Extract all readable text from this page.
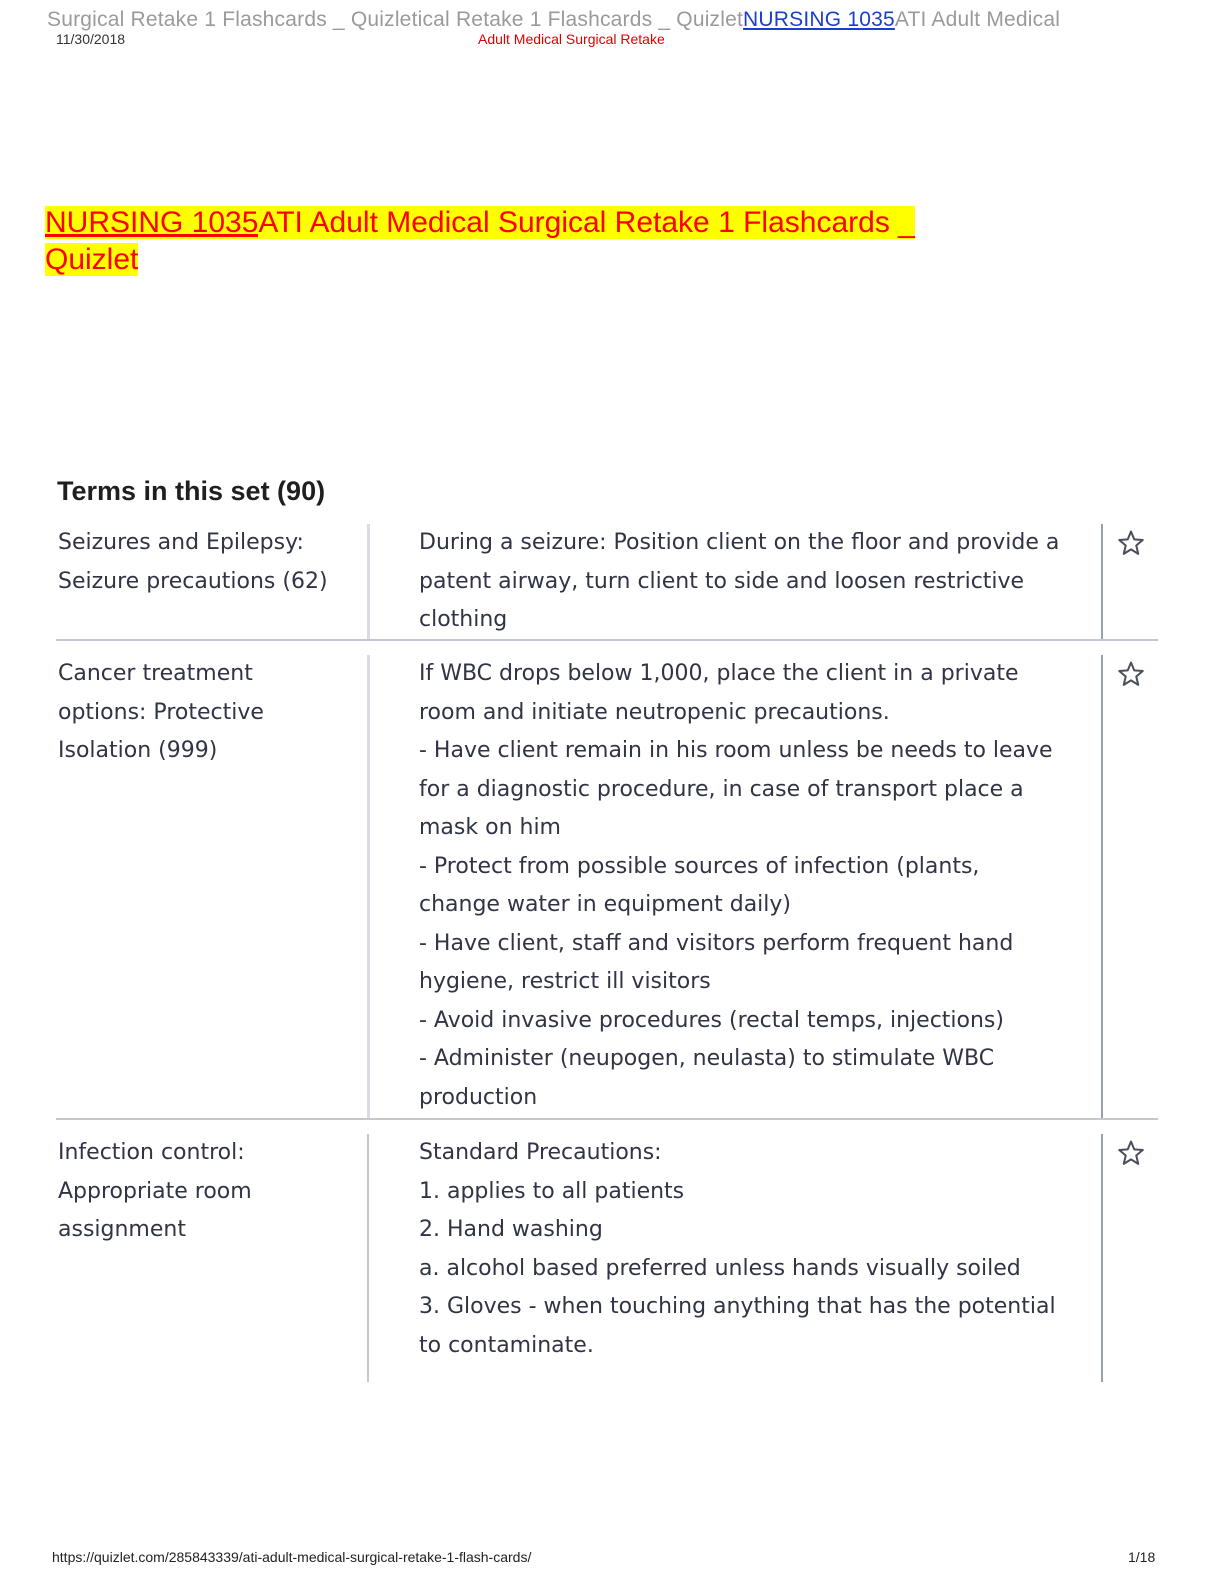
Surgical Retake 1 Flashcards _ Quizletical Retake 1 Flashcards _ QuizletNURSING 1035ATI Adult Medical
11/30/2018	Adult Medical Surgical Retake
NURSING 1035ATI Adult Medical Surgical Retake 1 Flashcards _
Quizlet
Terms in this set (90)
Seizures and Epilepsy:
Seizure precautions (62)
During a seizure: Position client on the floor and provide a
patent airway, turn client to side and loosen restrictive
clothing
Cancer treatment
options: Protective
Isolation (999)
If WBC drops below 1,000, place the client in a private
room and initiate neutropenic precautions.
- Have client remain in his room unless be needs to leave
for a diagnostic procedure, in case of transport place a
mask on him
- Protect from possible sources of infection (plants,
change water in equipment daily)
- Have client, staff and visitors perform frequent hand
hygiene, restrict ill visitors
- Avoid invasive procedures (rectal temps, injections)
- Administer (neupogen, neulasta) to stimulate WBC
production
Infection control:
Appropriate room
assignment
Standard Precautions:
1. applies to all patients
2. Hand washing
a. alcohol based preferred unless hands visually soiled
3. Gloves - when touching anything that has the potential
to contaminate.
https://quizlet.com/285843339/ati-adult-medical-surgical-retake-1-flash-cards/	1/18
